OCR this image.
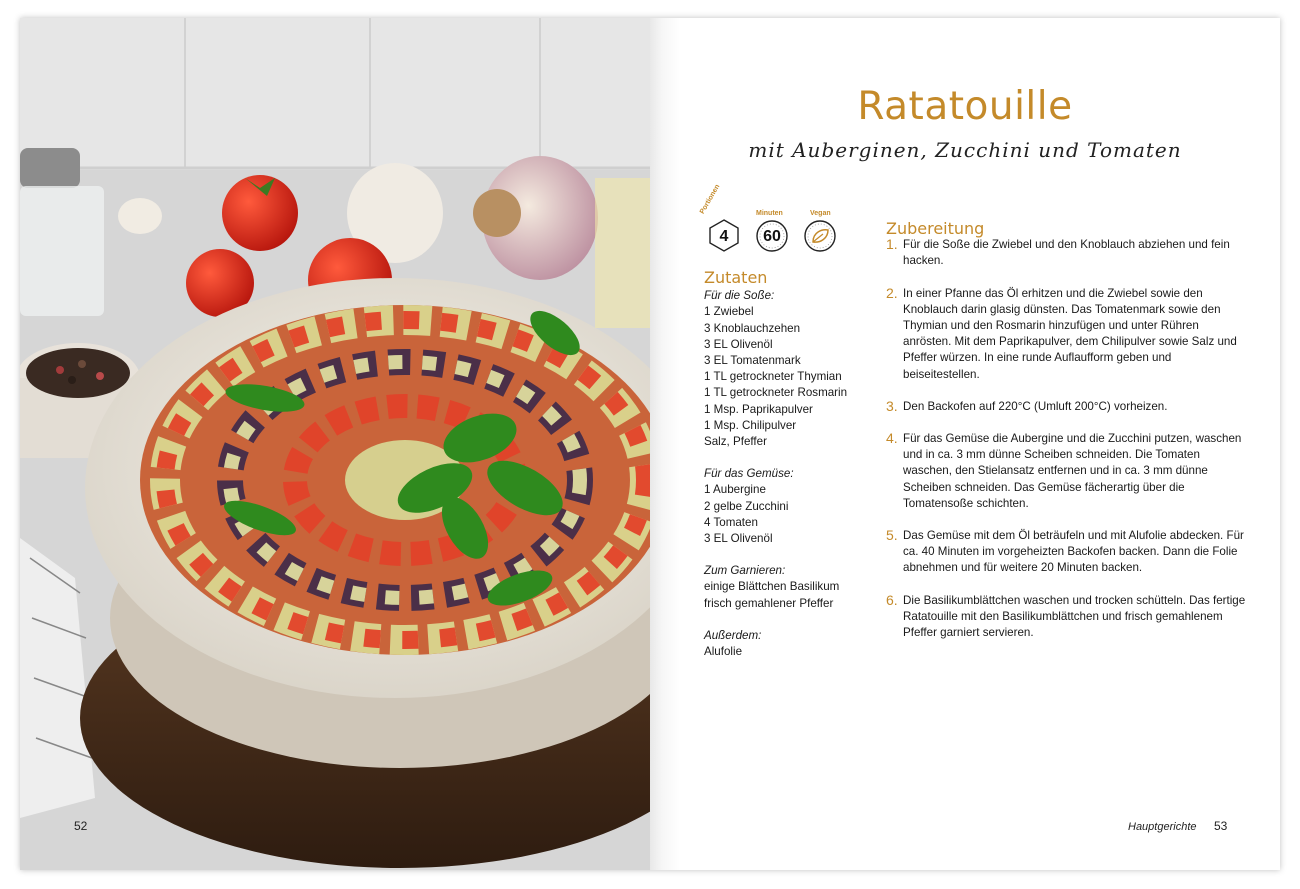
52
Ratatouille
mit Auberginen, Zucchini und Tomaten
4
Portionen
60
Minuten	Vegan
Zutaten
Für die Soße:
1 Zwiebel
3 Knoblauchzehen
3 EL Olivenöl
3 EL Tomatenmark
1 TL getrockneter Thymian
1 TL getrockneter Rosmarin
1 Msp. Paprikapulver
1 Msp. Chilipulver
Salz, Pfeffer
Für das Gemüse:
1 Aubergine
2 gelbe Zucchini
4 Tomaten
3 EL Olivenöl
Zum Garnieren:
einige Blättchen Basilikum
frisch gemahlener Pfeffer
Außerdem:
Alufolie
Zubereitung
1. Für die Soße die Zwiebel und den Knoblauch abziehen und fein hacken.
2. In einer Pfanne das Öl erhitzen und die Zwiebel sowie den Knoblauch darin glasig dünsten. Das Tomatenmark sowie den Thymian und den Rosmarin hinzufügen und unter Rühren anrösten. Mit dem Paprikapulver, dem Chilipulver sowie Salz und Pfeffer würzen. In eine runde Auflaufform geben und beiseitestellen.
3. Den Backofen auf 220°C (Umluft 200°C) vorheizen.
4. Für das Gemüse die Aubergine und die Zucchini putzen, waschen und in ca. 3 mm dünne Scheiben schneiden. Die Tomaten waschen, den Stielansatz entfernen und in ca. 3 mm dünne Scheiben schneiden. Das Gemüse fächerartig über die Tomatensoße schichten.
5. Das Gemüse mit dem Öl beträufeln und mit Alufolie abdecken. Für ca. 40 Minuten im vorgeheizten Backofen backen. Dann die Folie abnehmen und für weitere 20 Minuten backen.
6. Die Basilikumblättchen waschen und trocken schütteln. Das fertige Ratatouille mit den Basilikumblättchen und frisch gemahlenem Pfeffer garniert servieren.
Hauptgerichte 53
